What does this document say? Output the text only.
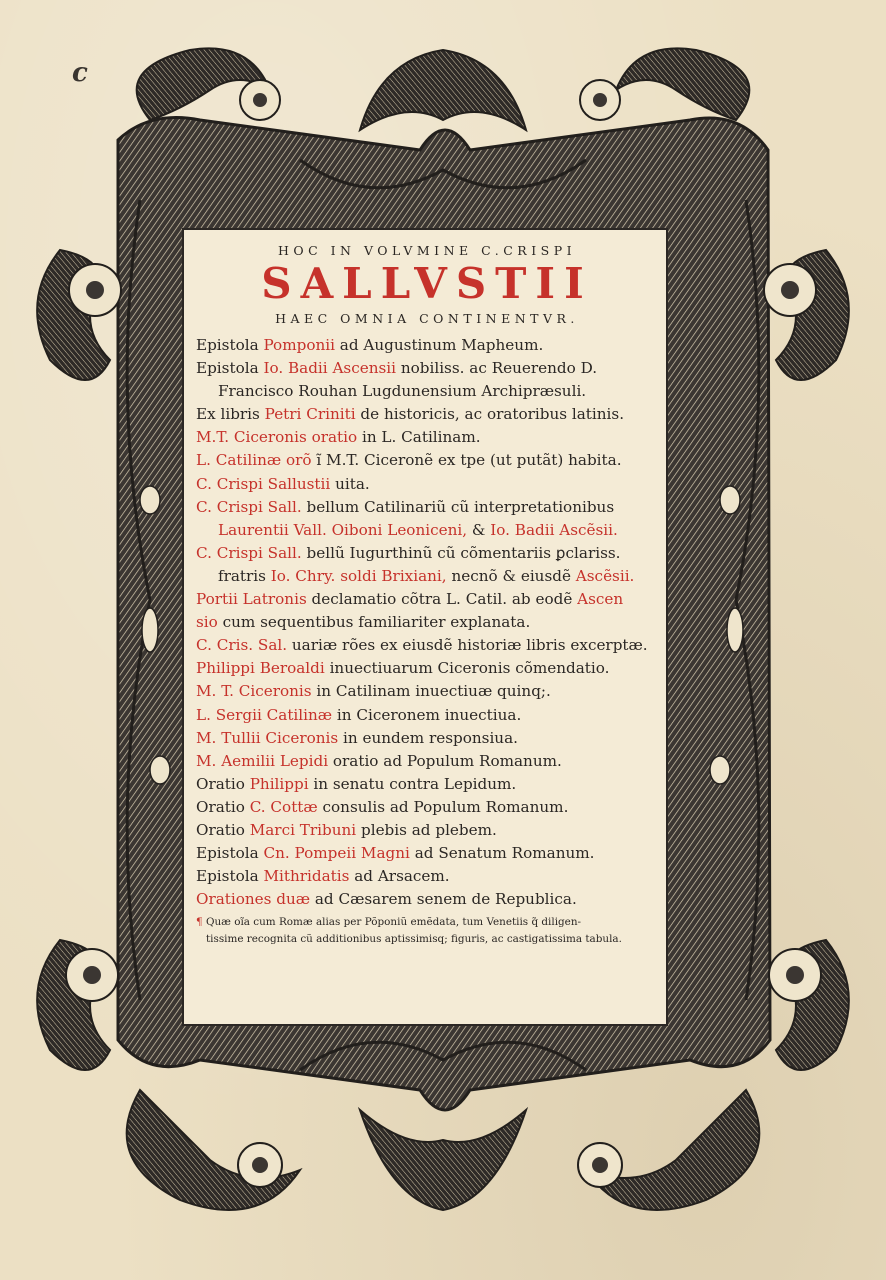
c
HOC IN VOLVMINE C.CRISPI
SALLVSTII
HAEC OMNIA CONTINENTVR.
Epistola Pomponii ad Augustinum Mapheum.
Epistola Io. Badii Ascensii nobiliss. ac Reuerendo D.
Francisco Rouhan Lugdunensium Archipræsuli.
Ex libris Petri Criniti de historicis, ac oratoribus latinis.
M.T. Ciceronis oratio in L. Catilinam.
L. Catilinæ orõ ĩ M.T. Ciceronẽ ex tpe (ut putãt) habita.
C. Crispi Sallustii uita.
C. Crispi Sall. bellum Catilinariũ cũ interpretationibus
Laurentii Vall. Oiboni Leoniceni, & Io. Badii Ascẽsii.
C. Crispi Sall. bellũ Iugurthinũ cũ cõmentariis ꝑclariss.
fratris Io. Chry. soldi Brixiani, necnõ & eiusdẽ Ascẽsii.
Portii Latronis declamatio cõtra L. Catil. ab eodẽ Ascen
sio cum sequentibus familiariter explanata.
C. Cris. Sal. uariæ rões ex eiusdẽ historiæ libris excerptæ.
Philippi Beroaldi inuectiuarum Ciceronis cõmendatio.
M. T. Ciceronis in Catilinam inuectiuæ quinq;.
L. Sergii Catilinæ in Ciceronem inuectiua.
M. Tullii Ciceronis in eundem responsiua.
M. Aemilii Lepidi oratio ad Populum Romanum.
Oratio Philippi in senatu contra Lepidum.
Oratio C. Cottæ consulis ad Populum Romanum.
Oratio Marci Tribuni plebis ad plebem.
Epistola Cn. Pompeii Magni ad Senatum Romanum.
Epistola Mithridatis ad Arsacem.
Orationes duæ ad Cæsarem senem de Republica.
¶ Quæ oĩa cum Romæ alias per Põponiũ emẽdata, tum Venetiis q̃ diligen-
tissime recognita cũ additionibus aptissimisq; figuris, ac castigatissima tabula.
